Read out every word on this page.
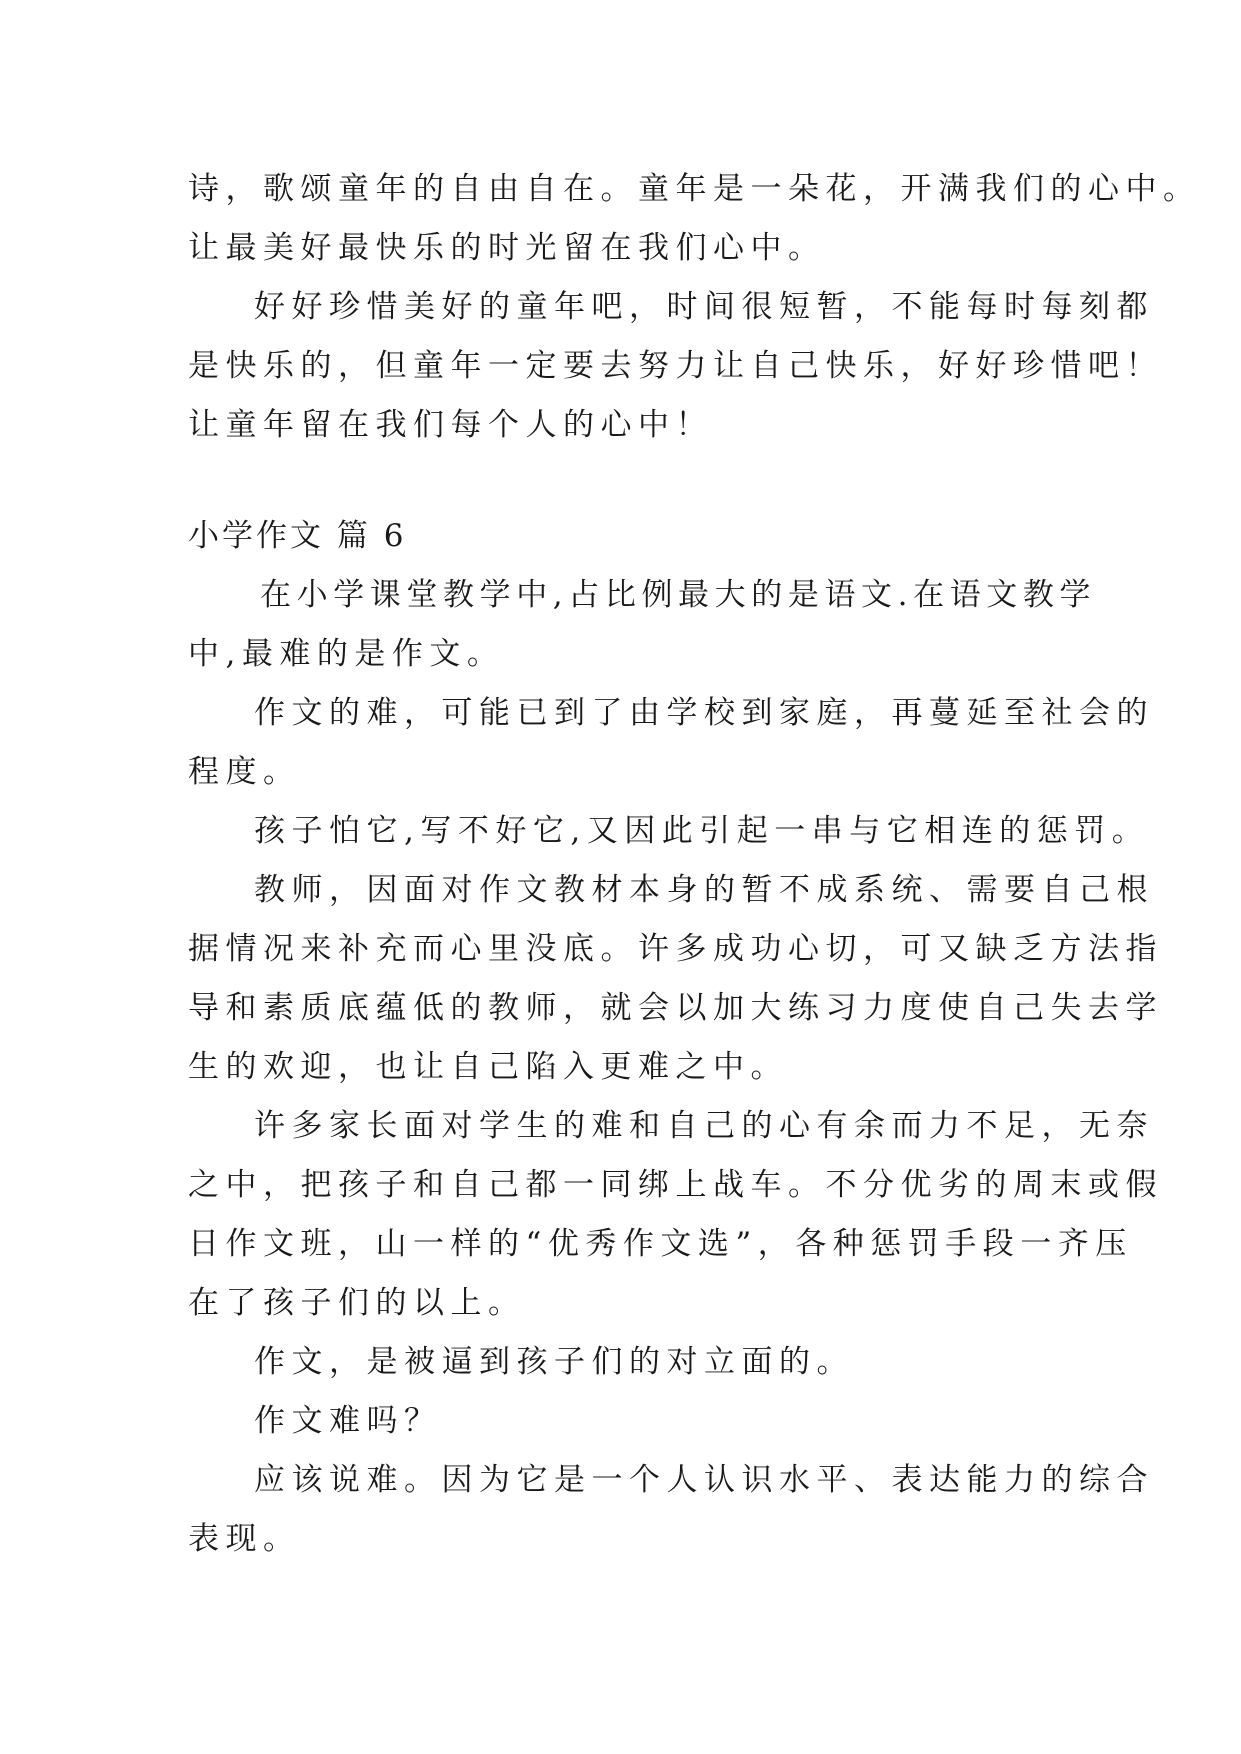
诗，歌颂童年的自由自在。童年是一朵花，开满我们的心中。
让最美好最快乐的时光留在我们心中。
好好珍惜美好的童年吧，时间很短暂，不能每时每刻都
是快乐的，但童年一定要去努力让自己快乐，好好珍惜吧！
让童年留在我们每个人的心中！
小学作文 篇 6
在小学课堂教学中,占比例最大的是语文.在语文教学
中,最难的是作文。
作文的难，可能已到了由学校到家庭，再蔓延至社会的
程度。
孩子怕它,写不好它,又因此引起一串与它相连的惩罚。
教师，因面对作文教材本身的暂不成系统、需要自己根
据情况来补充而心里没底。许多成功心切，可又缺乏方法指
导和素质底蕴低的教师，就会以加大练习力度使自己失去学
生的欢迎，也让自己陷入更难之中。
许多家长面对学生的难和自己的心有余而力不足，无奈
之中，把孩子和自己都一同绑上战车。不分优劣的周末或假
日作文班，山一样的“优秀作文选”，各种惩罚手段一齐压
在了孩子们的以上。
作文，是被逼到孩子们的对立面的。
作文难吗？
应该说难。因为它是一个人认识水平、表达能力的综合
表现。
